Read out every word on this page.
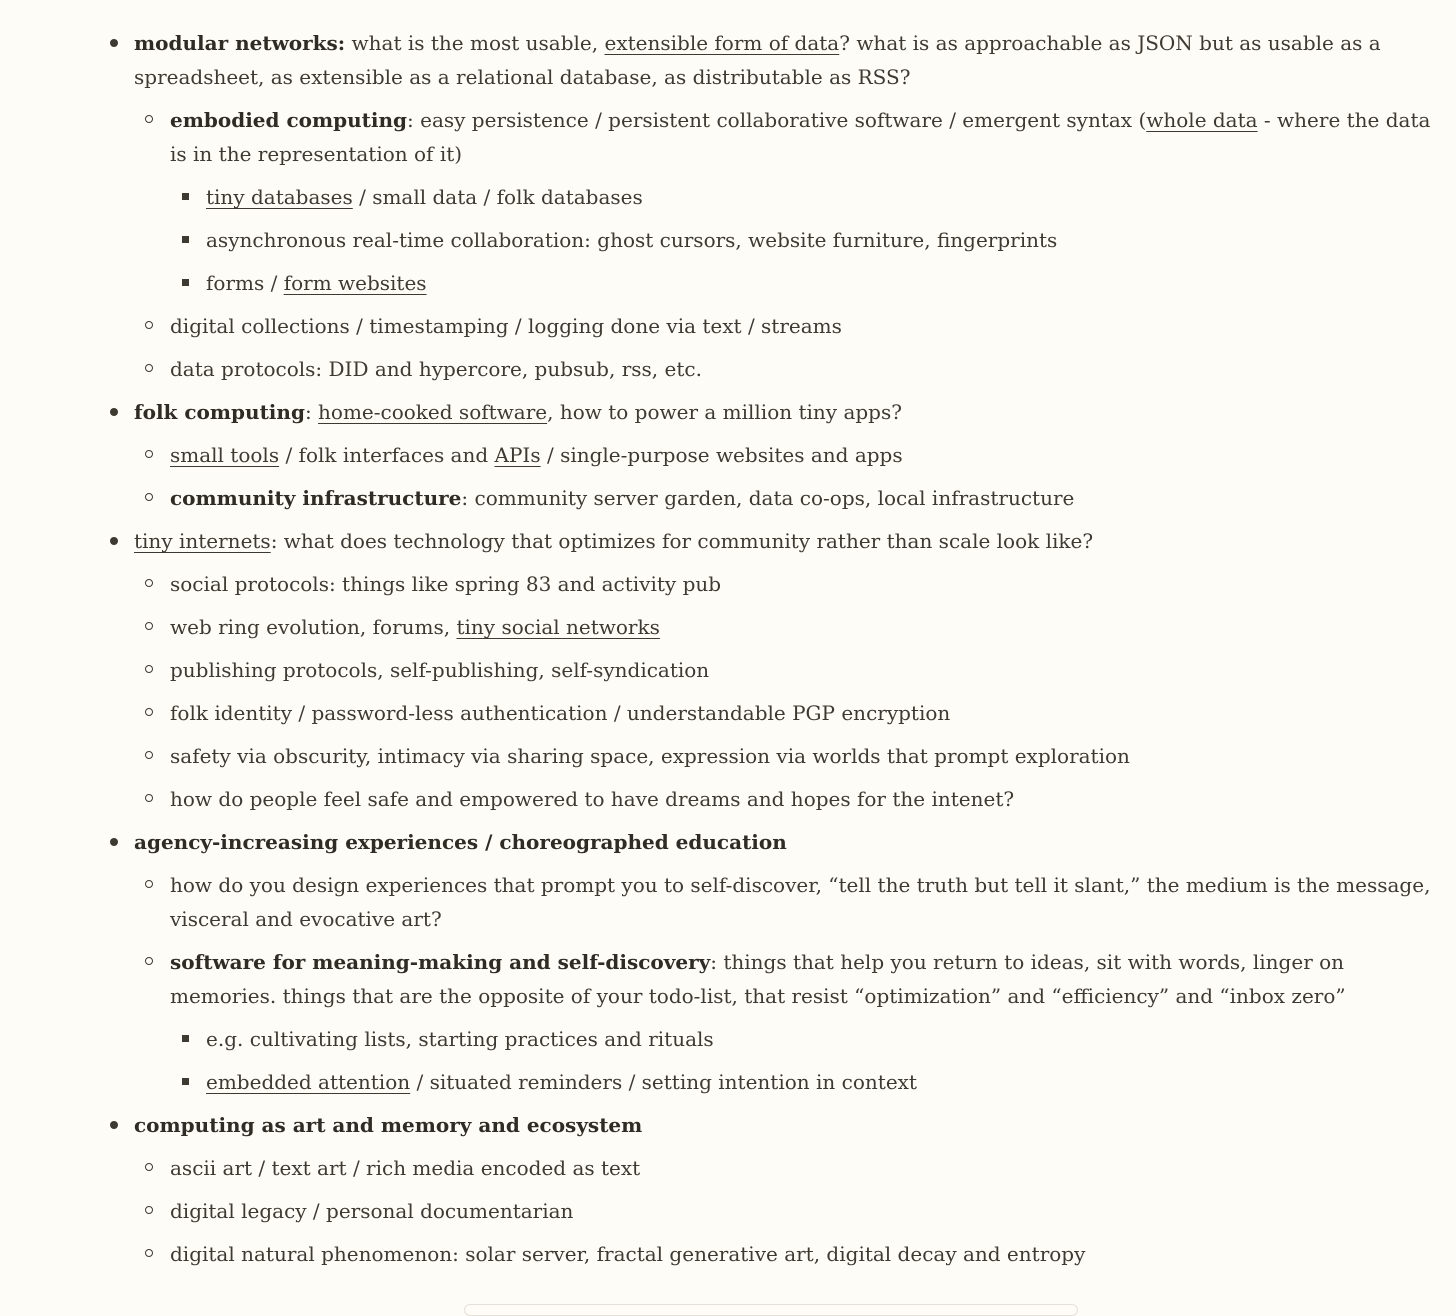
modular networks: what is the most usable, extensible form of data? what is as approachable as JSON but as usable as a spreadsheet, as extensible as a relational database, as distributable as RSS?
embodied computing: easy persistence / persistent collaborative software / emergent syntax (whole data - where the data is in the representation of it)
tiny databases / small data / folk databases
asynchronous real-time collaboration: ghost cursors, website furniture, fingerprints
forms / form websites
digital collections / timestamping / logging done via text / streams
data protocols: DID and hypercore, pubsub, rss, etc.
folk computing: home-cooked software, how to power a million tiny apps?
small tools / folk interfaces and APIs / single-purpose websites and apps
community infrastructure: community server garden, data co-ops, local infrastructure
tiny internets: what does technology that optimizes for community rather than scale look like?
social protocols: things like spring 83 and activity pub
web ring evolution, forums, tiny social networks
publishing protocols, self-publishing, self-syndication
folk identity / password-less authentication / understandable PGP encryption
safety via obscurity, intimacy via sharing space, expression via worlds that prompt exploration
how do people feel safe and empowered to have dreams and hopes for the intenet?
agency-increasing experiences / choreographed education
how do you design experiences that prompt you to self-discover, “tell the truth but tell it slant,” the medium is the message, visceral and evocative art?
software for meaning-making and self-discovery: things that help you return to ideas, sit with words, linger on memories. things that are the opposite of your todo-list, that resist “optimization” and “efficiency” and “inbox zero”
e.g. cultivating lists, starting practices and rituals
embedded attention / situated reminders / setting intention in context
computing as art and memory and ecosystem
ascii art / text art / rich media encoded as text
digital legacy / personal documentarian
digital natural phenomenon: solar server, fractal generative art, digital decay and entropy
